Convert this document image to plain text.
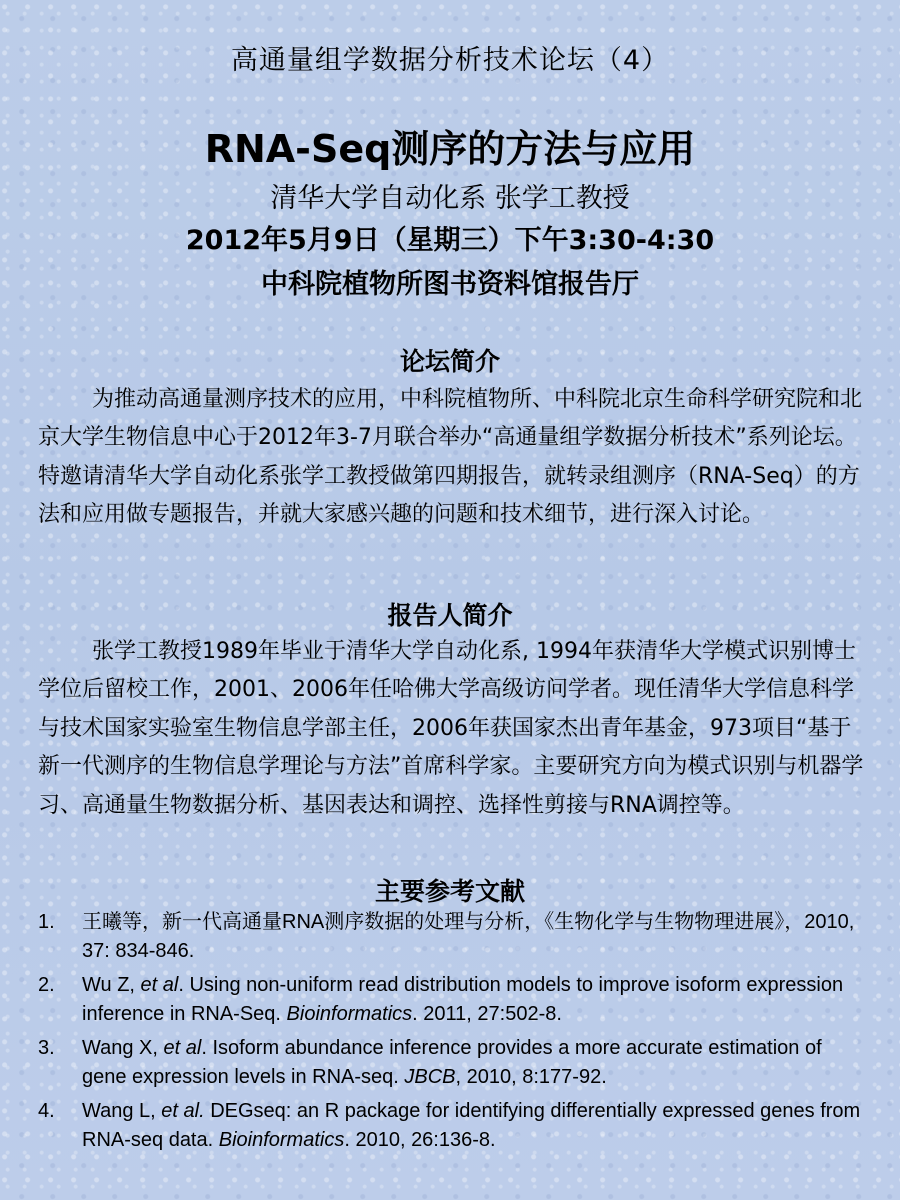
高通量组学数据分析技术论坛（4）
RNA-Seq测序的方法与应用
清华大学自动化系 张学工教授
2012年5月9日（星期三）下午3:30-4:30
中科院植物所图书资料馆报告厅
论坛简介

为推动高通量测序技术的应用，中科院植物所、中科院北京生命科学研究院和北京大学生物信息中心于2012年3-7月联合举办“高通量组学数据分析技术”系列论坛。特邀请清华大学自动化系张学工教授做第四期报告，就转录组测序（RNA-Seq）的方法和应用做专题报告，并就大家感兴趣的问题和技术细节，进行深入讨论。

报告人简介

张学工教授1989年毕业于清华大学自动化系, 1994年获清华大学模式识别博士学位后留校工作，2001、2006年任哈佛大学高级访问学者。现任清华大学信息科学与技术国家实验室生物信息学部主任，2006年获国家杰出青年基金，973项目“基于新一代测序的生物信息学理论与方法”首席科学家。主要研究方向为模式识别与机器学习、高通量生物数据分析、基因表达和调控、选择性剪接与RNA调控等。

主要参考文献
1. 王曦等，新一代高通量RNA测序数据的处理与分析，《生物化学与生物物理进展》，2010, 37: 834-846.
2. Wu Z, et al. Using non-uniform read distribution models to improve isoform expression inference in RNA-Seq. Bioinformatics. 2011, 27:502-8.
3. Wang X, et al. Isoform abundance inference provides a more accurate estimation of gene expression levels in RNA-seq. JBCB, 2010, 8:177-92.
4. Wang L, et al. DEGseq: an R package for identifying differentially expressed genes from RNA-seq data. Bioinformatics. 2010, 26:136-8.
